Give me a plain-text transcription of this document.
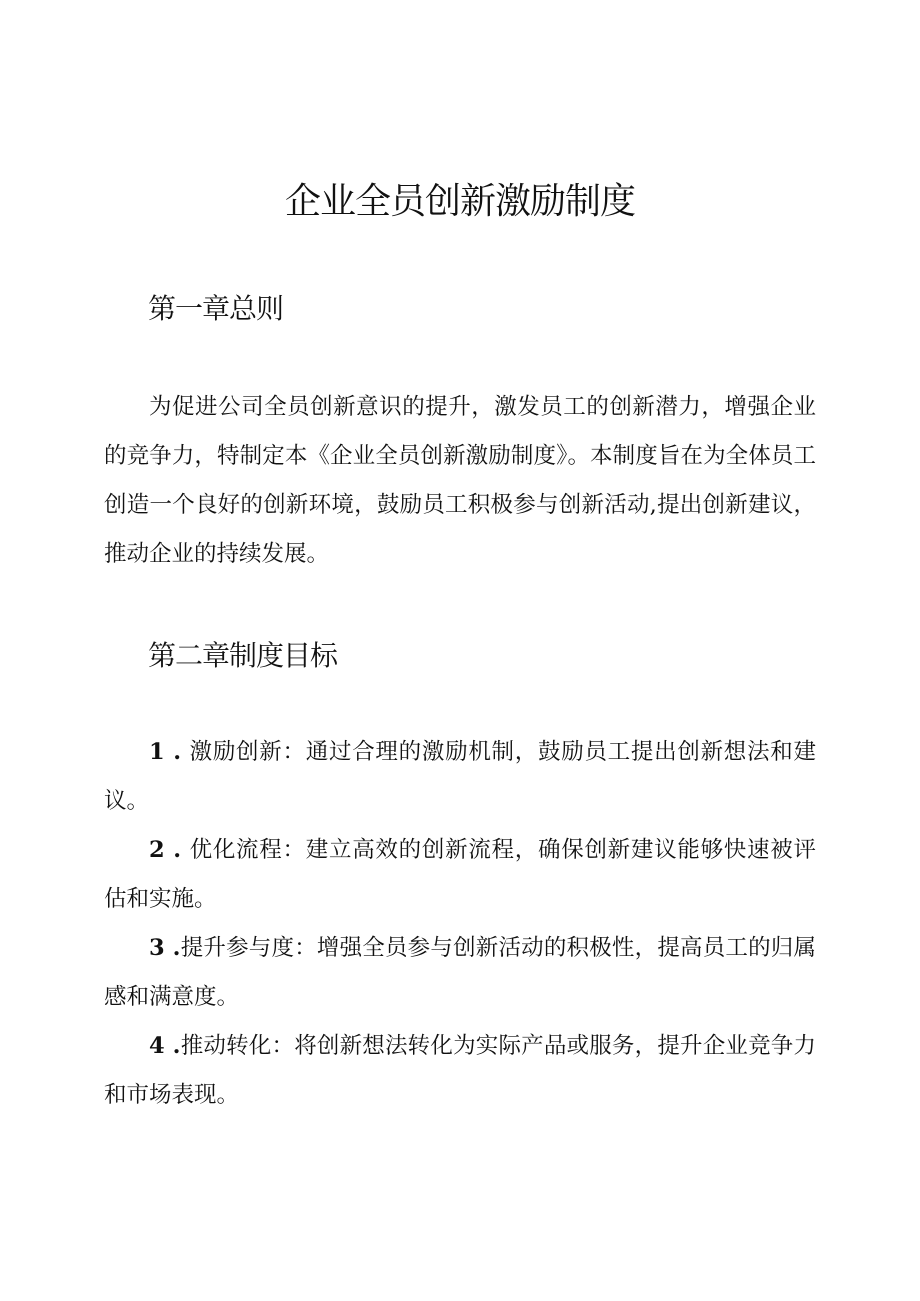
企业全员创新激励制度
第一章总则

为促进公司全员创新意识的提升，激发员工的创新潜力，增强企业的竞争力，特制定本《企业全员创新激励制度》。本制度旨在为全体员工创造一个良好的创新环境，鼓励员工积极参与创新活动,提出创新建议，推动企业的持续发展。

第二章制度目标

1 . 激励创新：通过合理的激励机制，鼓励员工提出创新想法和建议。

2 . 优化流程：建立高效的创新流程，确保创新建议能够快速被评估和实施。

3 .提升参与度：增强全员参与创新活动的积极性，提高员工的归属感和满意度。

4 .推动转化：将创新想法转化为实际产品或服务，提升企业竞争力和市场表现。
